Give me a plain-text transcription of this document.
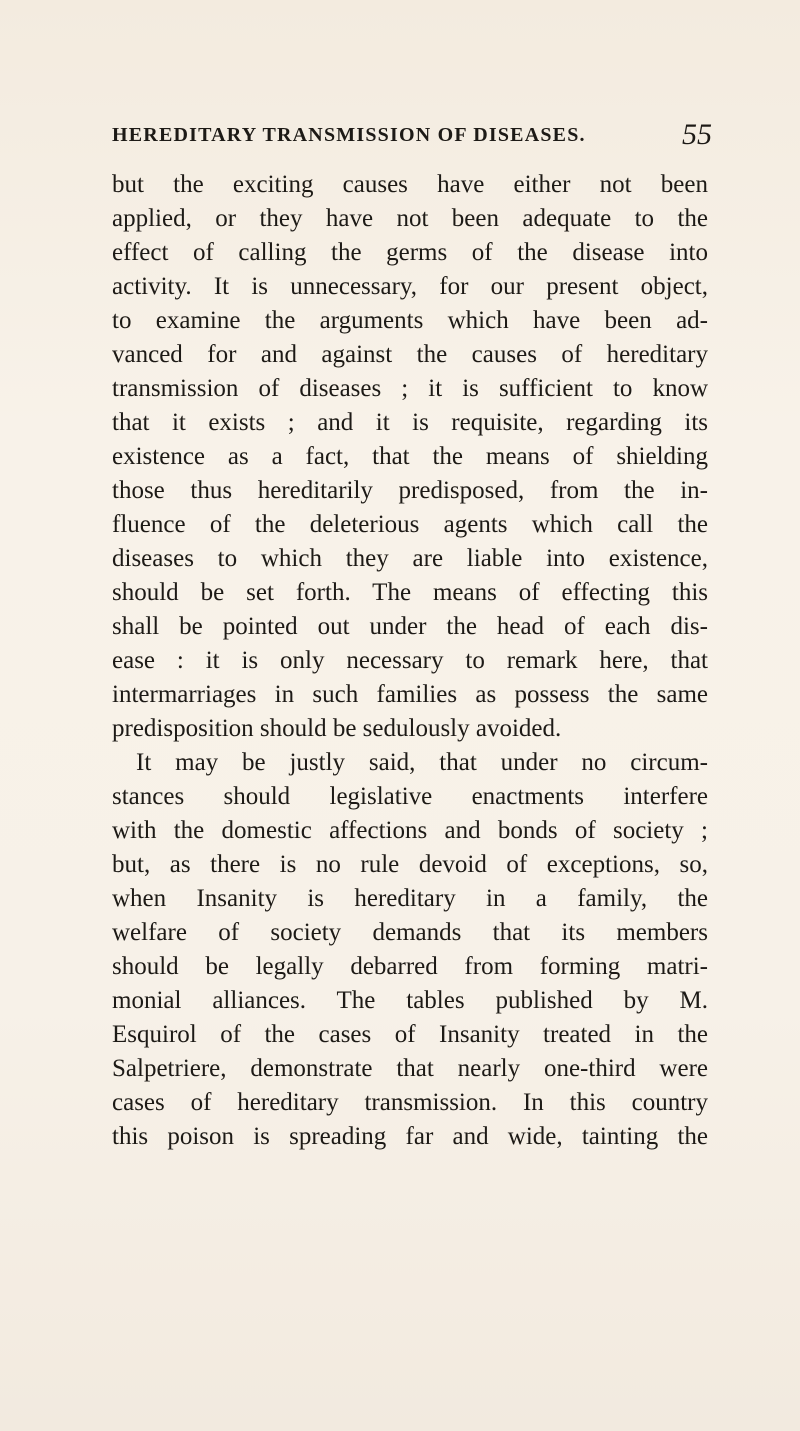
HEREDITARY TRANSMISSION OF DISEASES.	55
but the exciting causes have either not been
applied, or they have not been adequate to the
effect of calling the germs of the disease into
activity. It is unnecessary, for our present object,
to examine the arguments which have been ad-
vanced for and against the causes of hereditary
transmission of diseases ; it is sufficient to know
that it exists ; and it is requisite, regarding its
existence as a fact, that the means of shielding
those thus hereditarily predisposed, from the in-
fluence of the deleterious agents which call the
diseases to which they are liable into existence,
should be set forth. The means of effecting this
shall be pointed out under the head of each dis-
ease : it is only necessary to remark here, that
intermarriages in such families as possess the same
predisposition should be sedulously avoided.
It may be justly said, that under no circum-
stances should legislative enactments interfere
with the domestic affections and bonds of society ;
but, as there is no rule devoid of exceptions, so,
when Insanity is hereditary in a family, the
welfare of society demands that its members
should be legally debarred from forming matri-
monial alliances. The tables published by M.
Esquirol of the cases of Insanity treated in the
Salpetriere, demonstrate that nearly one-third were
cases of hereditary transmission. In this country
this poison is spreading far and wide, tainting the
